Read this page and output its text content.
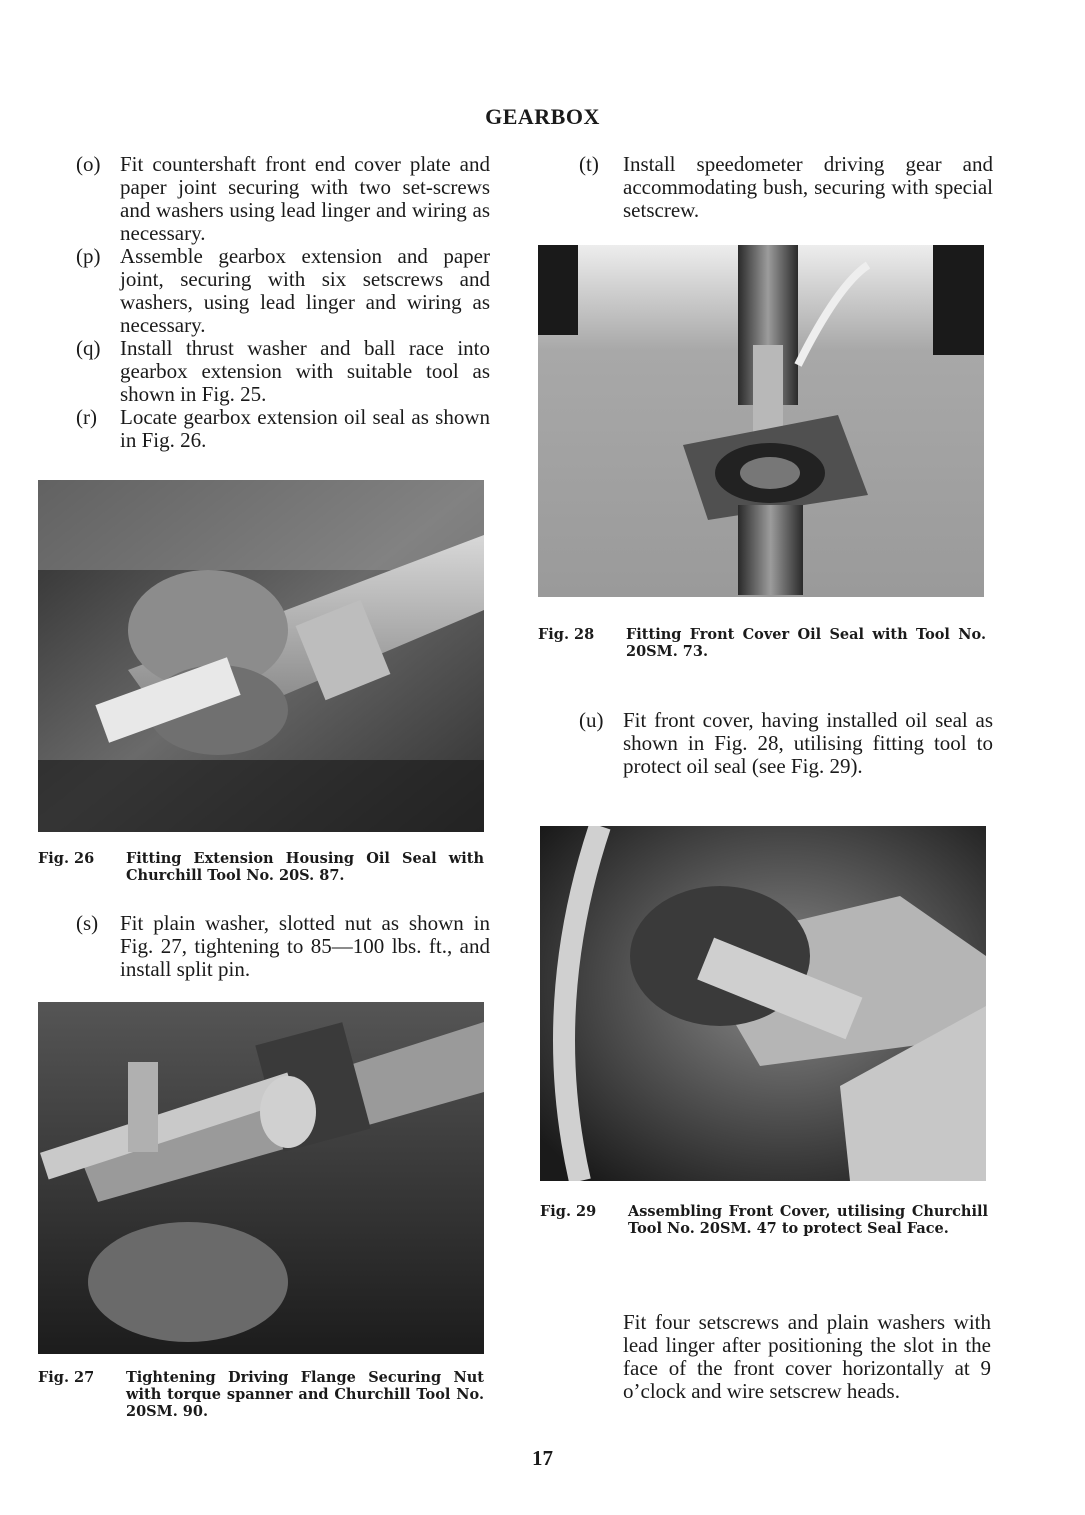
GEARBOX
(o) Fit countershaft front end cover plate and paper joint securing with two set-screws and washers using lead linger and wiring as necessary.
(p) Assemble gearbox extension and paper joint, securing with six setscrews and washers, using lead linger and wiring as necessary.
(q) Install thrust washer and ball race into gearbox extension with suitable tool as shown in Fig. 25.
(r)	Locate gearbox extension oil seal as shown in Fig. 26.
Fig. 26	Fitting Extension Housing Oil Seal with Churchill Tool No. 20S. 87.
(s)	Fit plain washer, slotted nut as shown in Fig. 27, tightening to 85—100 lbs. ft., and install split pin.
Fig. 27	Tightening Driving Flange Securing Nut with torque spanner and Churchill Tool No. 20SM. 90.
(t)	Install speedometer driving gear and accommodating bush, securing with special setscrew.
Fig. 28	Fitting Front Cover Oil Seal with Tool No. 20SM. 73.
(u) Fit front cover, having installed oil seal as shown in Fig. 28, utilising fitting tool to protect oil seal (see Fig. 29).
Fig. 29	Assembling Front Cover, utilising Churchill Tool No. 20SM. 47 to protect Seal Face.
Fit four setscrews and plain washers with lead linger after positioning the slot in the face of the front cover horizontally at 9 o’clock and wire setscrew heads.
17
